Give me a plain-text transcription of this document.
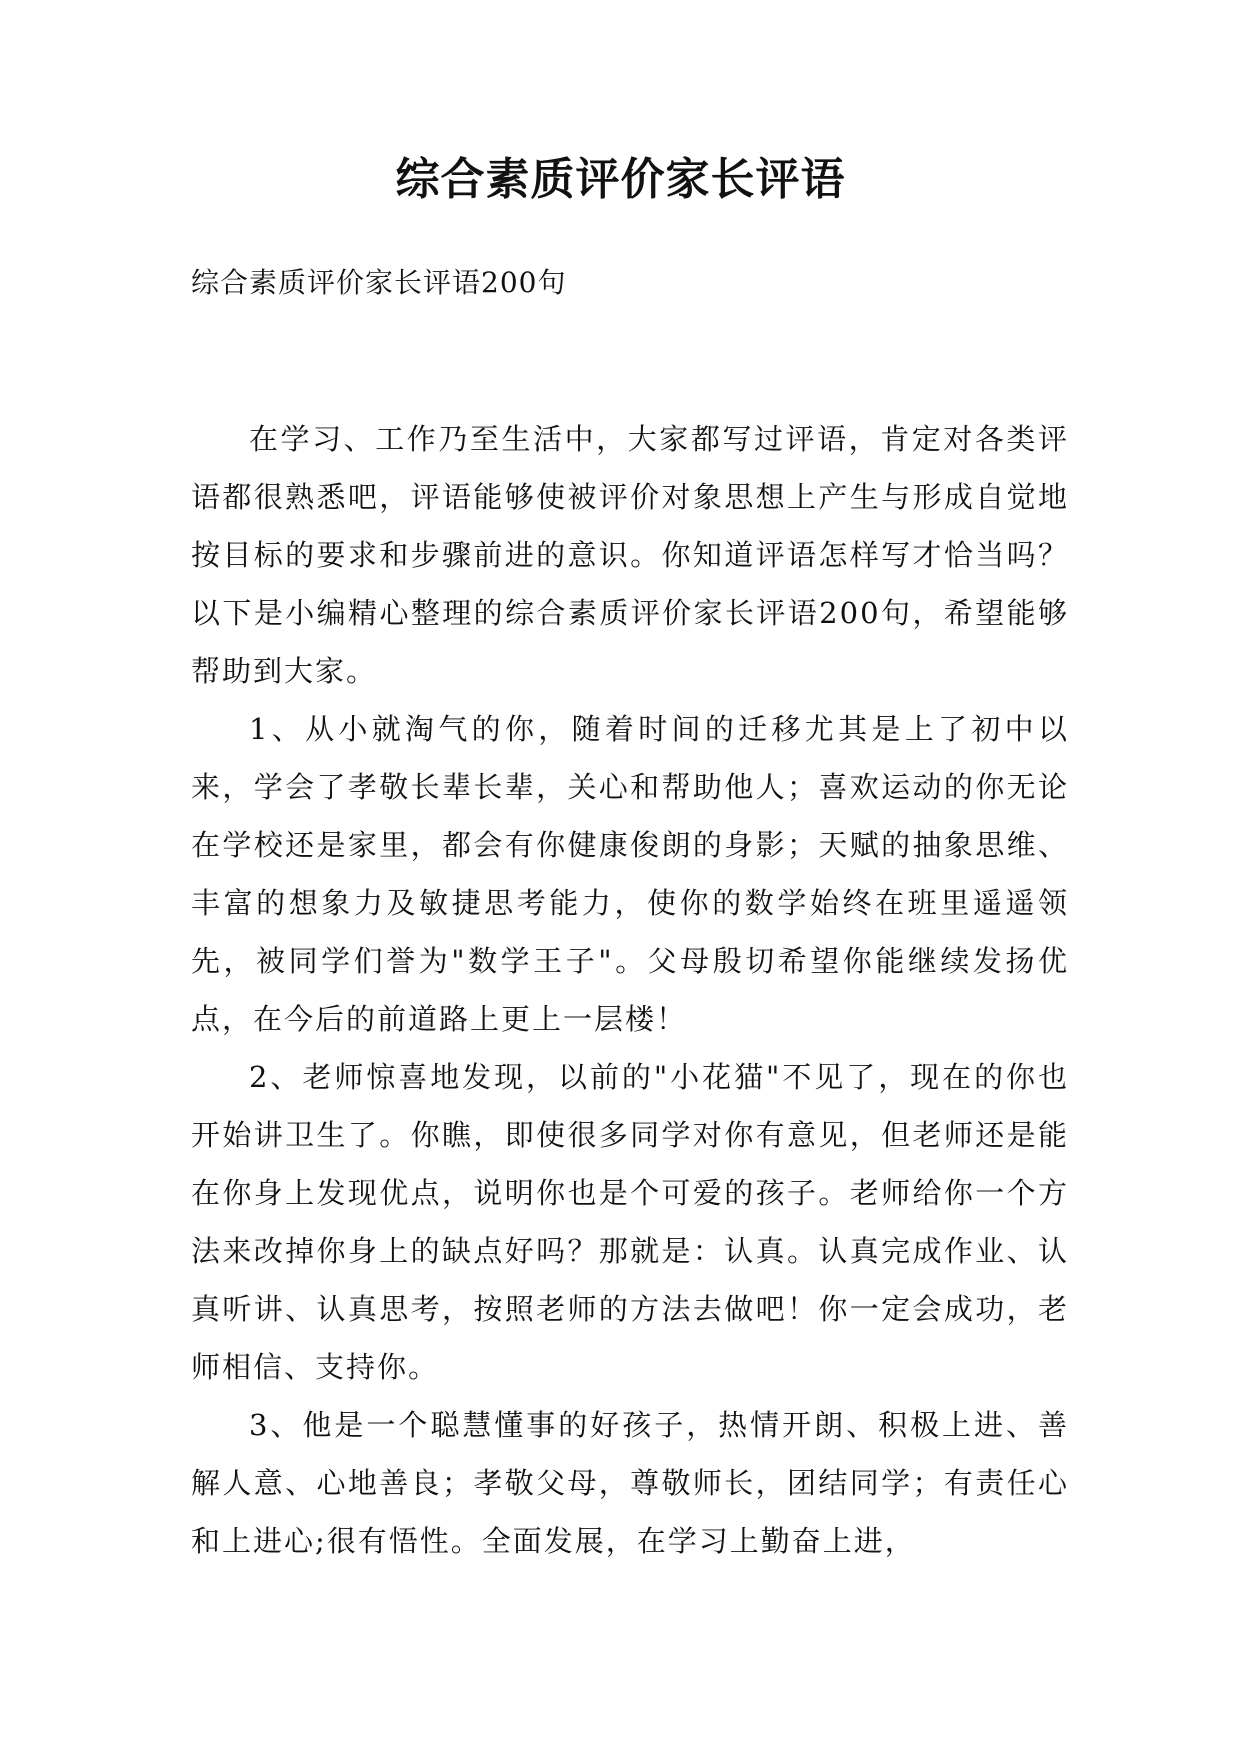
综合素质评价家长评语
综合素质评价家长评语200句

在学习、工作乃至生活中，大家都写过评语，肯定对各类评语都很熟悉吧，评语能够使被评价对象思想上产生与形成自觉地按目标的要求和步骤前进的意识。你知道评语怎样写才恰当吗？以下是小编精心整理的综合素质评价家长评语200句，希望能够帮助到大家。

1、从小就淘气的你，随着时间的迁移尤其是上了初中以来，学会了孝敬长辈长辈，关心和帮助他人；喜欢运动的你无论在学校还是家里，都会有你健康俊朗的身影；天赋的抽象思维、丰富的想象力及敏捷思考能力，使你的数学始终在班里遥遥领先，被同学们誉为"数学王子"。父母殷切希望你能继续发扬优点，在今后的前道路上更上一层楼！

2、老师惊喜地发现，以前的"小花猫"不见了，现在的你也开始讲卫生了。你瞧，即使很多同学对你有意见，但老师还是能在你身上发现优点，说明你也是个可爱的孩子。老师给你一个方法来改掉你身上的缺点好吗？那就是：认真。认真完成作业、认真听讲、认真思考，按照老师的方法去做吧！你一定会成功，老师相信、支持你。

3、他是一个聪慧懂事的好孩子，热情开朗、积极上进、善解人意、心地善良；孝敬父母，尊敬师长，团结同学；有责任心和上进心;很有悟性。全面发展，在学习上勤奋上进，
